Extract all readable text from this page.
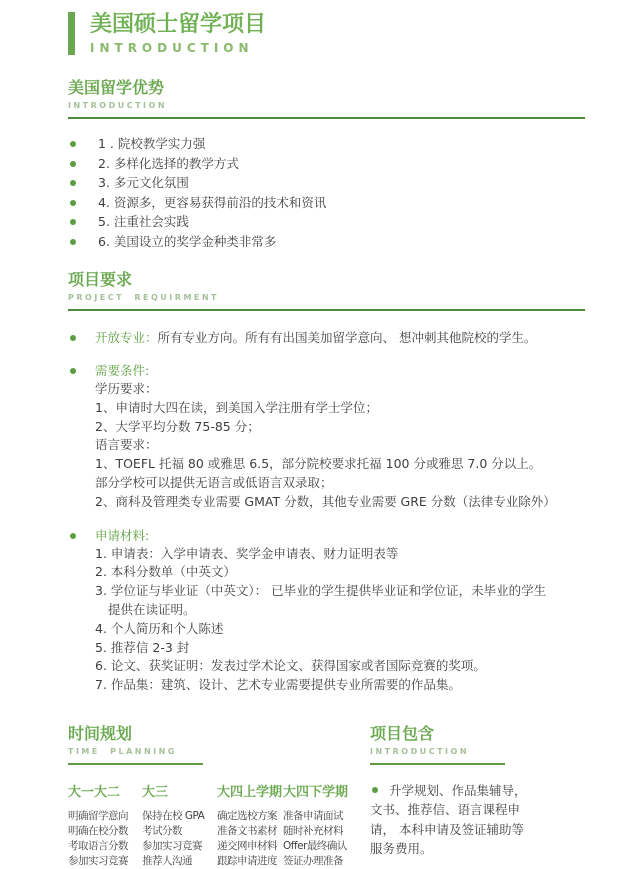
美国硕士留学项目
INTRODUCTION
美国留学优势
INTRODUCTION
1 . 院校教学实力强
2. 多样化选择的教学方式
3. 多元文化氛围
4. 资源多，更容易获得前沿的技术和资讯
5. 注重社会实践
6. 美国设立的奖学金种类非常多
项目要求
PROJECT REQUIRMENT
开放专业：所有专业方向。所有有出国美加留学意向、 想冲刺其他院校的学生。
需要条件:
学历要求：
1、申请时大四在读，到美国入学注册有学士学位；
2、大学平均分数 75-85 分；
语言要求：
1、TOEFL 托福 80 或雅思 6.5，部分院校要求托福 100 分或雅思 7.0 分以上。
部分学校可以提供无语言或低语言双录取；
2、商科及管理类专业需要 GMAT 分数，其他专业需要 GRE 分数（法律专业除外）
申请材料:
1. 申请表：入学申请表、奖学金申请表、财力证明表等
2. 本科分数单（中英文）
3. 学位证与毕业证（中英文）： 已毕业的学生提供毕业证和学位证，未毕业的学生
提供在读证明。
4. 个人简历和个人陈述
5. 推荐信 2-3 封
6. 论文、获奖证明：发表过学术论文、获得国家或者国际竞赛的奖项。
7. 作品集：建筑、设计、艺术专业需要提供专业所需要的作品集。
时间规划
TIME PLANNING
大一大二
明确留学意向
明确在校分数
考取语言分数
参加实习竞赛
大三
保持在校 GPA
考试分数
参加实习竞赛
推荐人沟通
大四上学期
确定选校方案
准备文书素材
递交网申材料
跟踪申请进度
大四下学期
准备申请面试
随时补充材料
Offer最终确认
签证办理准备
项目包含
INTRODUCTION
升学规划、作品集辅导，文书、推荐信、语言课程申请， 本科申请及签证辅助等服务费用。
